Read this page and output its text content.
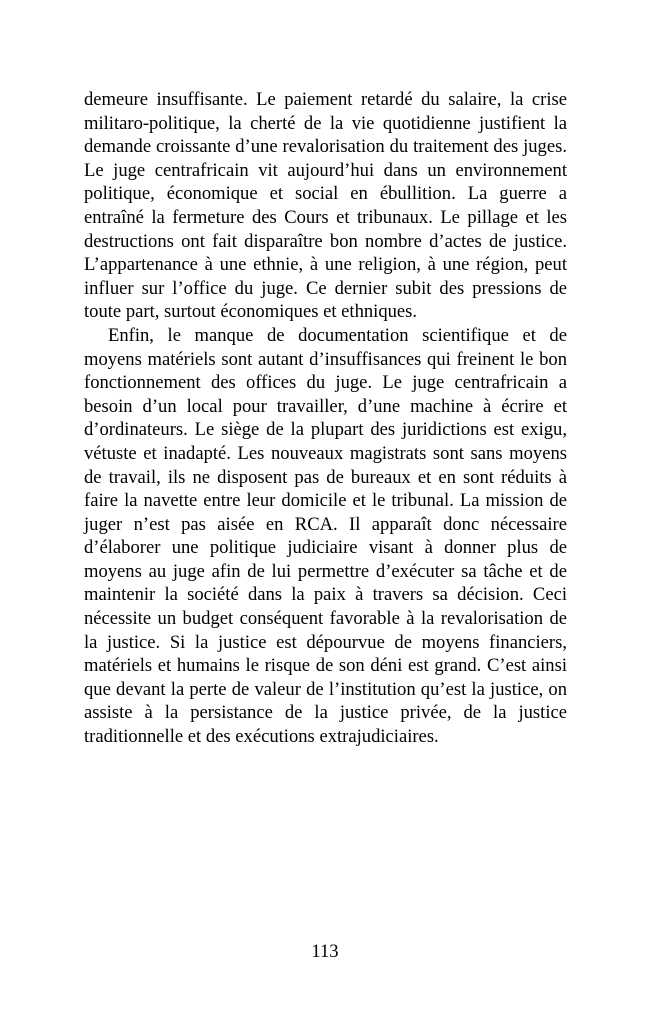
demeure insuffisante. Le paiement retardé du salaire, la crise militaro-politique, la cherté de la vie quotidienne justifient la demande croissante d’une revalorisation du traitement des juges. Le juge centrafricain vit aujourd’hui dans un environnement politique, économique et social en ébullition. La guerre a entraîné la fermeture des Cours et tribunaux. Le pillage et les destructions ont fait disparaître bon nombre d’actes de justice. L’appartenance à une ethnie, à une religion, à une région, peut influer sur l’office du juge. Ce dernier subit des pressions de toute part, surtout économiques et ethniques.

Enfin, le manque de documentation scientifique et de moyens matériels sont autant d’insuffisances qui freinent le bon fonctionnement des offices du juge. Le juge centrafricain a besoin d’un local pour travailler, d’une machine à écrire et d’ordinateurs. Le siège de la plupart des juridictions est exigu, vétuste et inadapté. Les nouveaux magistrats sont sans moyens de travail, ils ne disposent pas de bureaux et en sont réduits à faire la navette entre leur domicile et le tribunal. La mission de juger n’est pas aisée en RCA. Il apparaît donc nécessaire d’élaborer une politique judiciaire visant à donner plus de moyens au juge afin de lui permettre d’exécuter sa tâche et de maintenir la société dans la paix à travers sa décision. Ceci nécessite un budget conséquent favorable à la revalorisation de la justice. Si la justice est dépourvue de moyens financiers, matériels et humains le risque de son déni est grand. C’est ainsi que devant la perte de valeur de l’institution qu’est la justice, on assiste à la persistance de la justice privée, de la justice traditionnelle et des exécutions extrajudiciaires.

113
